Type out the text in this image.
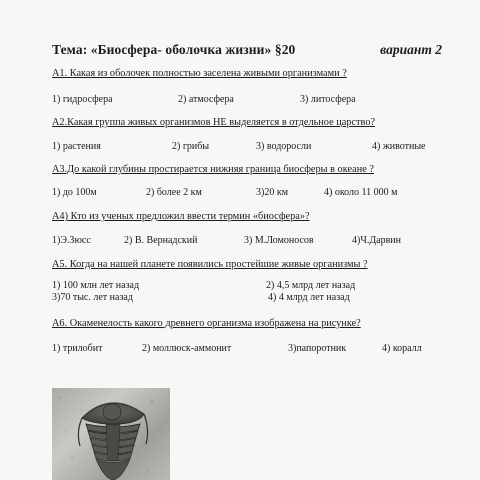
Тема: «Биосфера- оболочка жизни» §20	вариант 2
А1. Какая из оболочек полностью заселена живыми организмами ?
1) гидросфера	2) атмосфера	3) литосфера
А2.Какая группа живых организмов НЕ выделяется в отдельное царство?
1) растения	2) грибы	3) водоросли	4) животные
А3.До какой глубины простирается нижняя граница биосферы в океане ?
1) до 100м	2) более 2 км	3)20 км	4) около 11 000 м
А4) Кто из ученых предложил ввести термин «биосфера»?
1)Э.Зюсс	2) В. Вернадский	3) М.Ломоносов	4)Ч.Дарвин
А5. Когда на нашей планете появились простейшие живые организмы ?
1) 100 млн лет назад	2) 4,5 млрд лет назад
3)70 тыс. лет назад	4) 4 млрд лет назад
А6. Окаменелость какого древнего организма изображена на рисунке?
1) трилобит	2) моллюск-аммонит	3)папоротник	4) коралл
